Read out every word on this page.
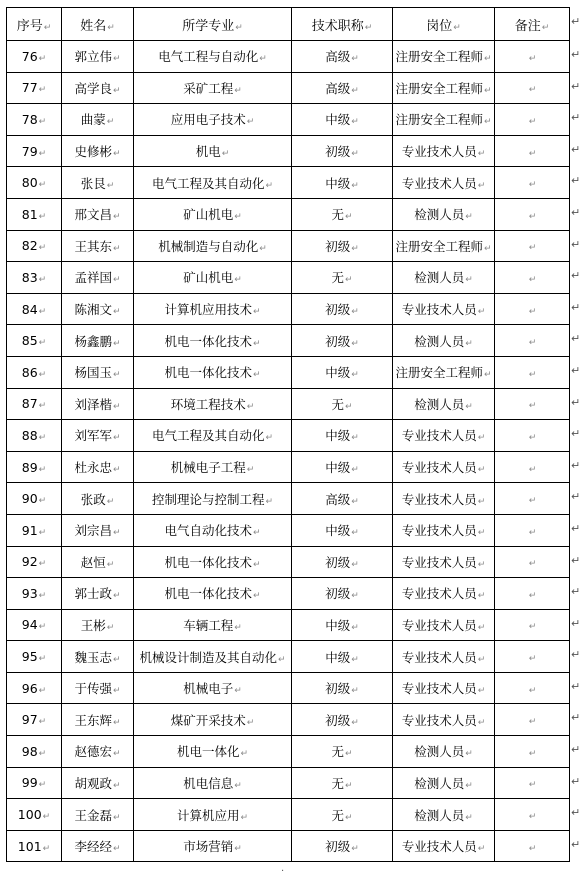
序号↵	姓名↵	所学专业↵	技术职称↵	岗位↵	备注↵
76↵	郭立伟↵	电气工程与自动化↵	高级↵	注册安全工程师↵	↵
77↵	高学良↵	采矿工程↵	高级↵	注册安全工程师↵	↵
78↵	曲蒙↵	应用电子技术↵	中级↵	注册安全工程师↵	↵
79↵	史修彬↵	机电↵	初级↵	专业技术人员↵	↵
80↵	张艮↵	电气工程及其自动化↵	中级↵	专业技术人员↵	↵
81↵	邢文昌↵	矿山机电↵	无↵	检测人员↵	↵
82↵	王其东↵	机械制造与自动化↵	初级↵	注册安全工程师↵	↵
83↵	孟祥国↵	矿山机电↵	无↵	检测人员↵	↵
84↵	陈湘文↵	计算机应用技术↵	初级↵	专业技术人员↵	↵
85↵	杨鑫鹏↵	机电一体化技术↵	初级↵	检测人员↵	↵
86↵	杨国玉↵	机电一体化技术↵	中级↵	注册安全工程师↵	↵
87↵	刘泽楷↵	环境工程技术↵	无↵	检测人员↵	↵
88↵	刘军军↵	电气工程及其自动化↵	中级↵	专业技术人员↵	↵
89↵	杜永忠↵	机械电子工程↵	中级↵	专业技术人员↵	↵
90↵	张政↵	控制理论与控制工程↵	高级↵	专业技术人员↵	↵
91↵	刘宗昌↵	电气自动化技术↵	中级↵	专业技术人员↵	↵
92↵	赵恒↵	机电一体化技术↵	初级↵	专业技术人员↵	↵
93↵	郭士政↵	机电一体化技术↵	初级↵	专业技术人员↵	↵
94↵	王彬↵	车辆工程↵	中级↵	专业技术人员↵	↵
95↵	魏玉志↵	机械设计制造及其自动化↵	中级↵	专业技术人员↵	↵
96↵	于传强↵	机械电子↵	初级↵	专业技术人员↵	↵
97↵	王东辉↵	煤矿开采技术↵	初级↵	专业技术人员↵	↵
98↵	赵德宏↵	机电一体化↵	无↵	检测人员↵	↵
99↵	胡观政↵	机电信息↵	无↵	检测人员↵	↵
100↵	王金磊↵	计算机应用↵	无↵	检测人员↵	↵
101↵	李经经↵	市场营销↵	初级↵	专业技术人员↵	↵
↵
↵
↵
↵
↵
↵
↵
↵
↵
↵
↵
↵
↵
↵
↵
↵
↵
↵
↵
↵
↵
↵
↵
↵
↵
↵
↵
·
